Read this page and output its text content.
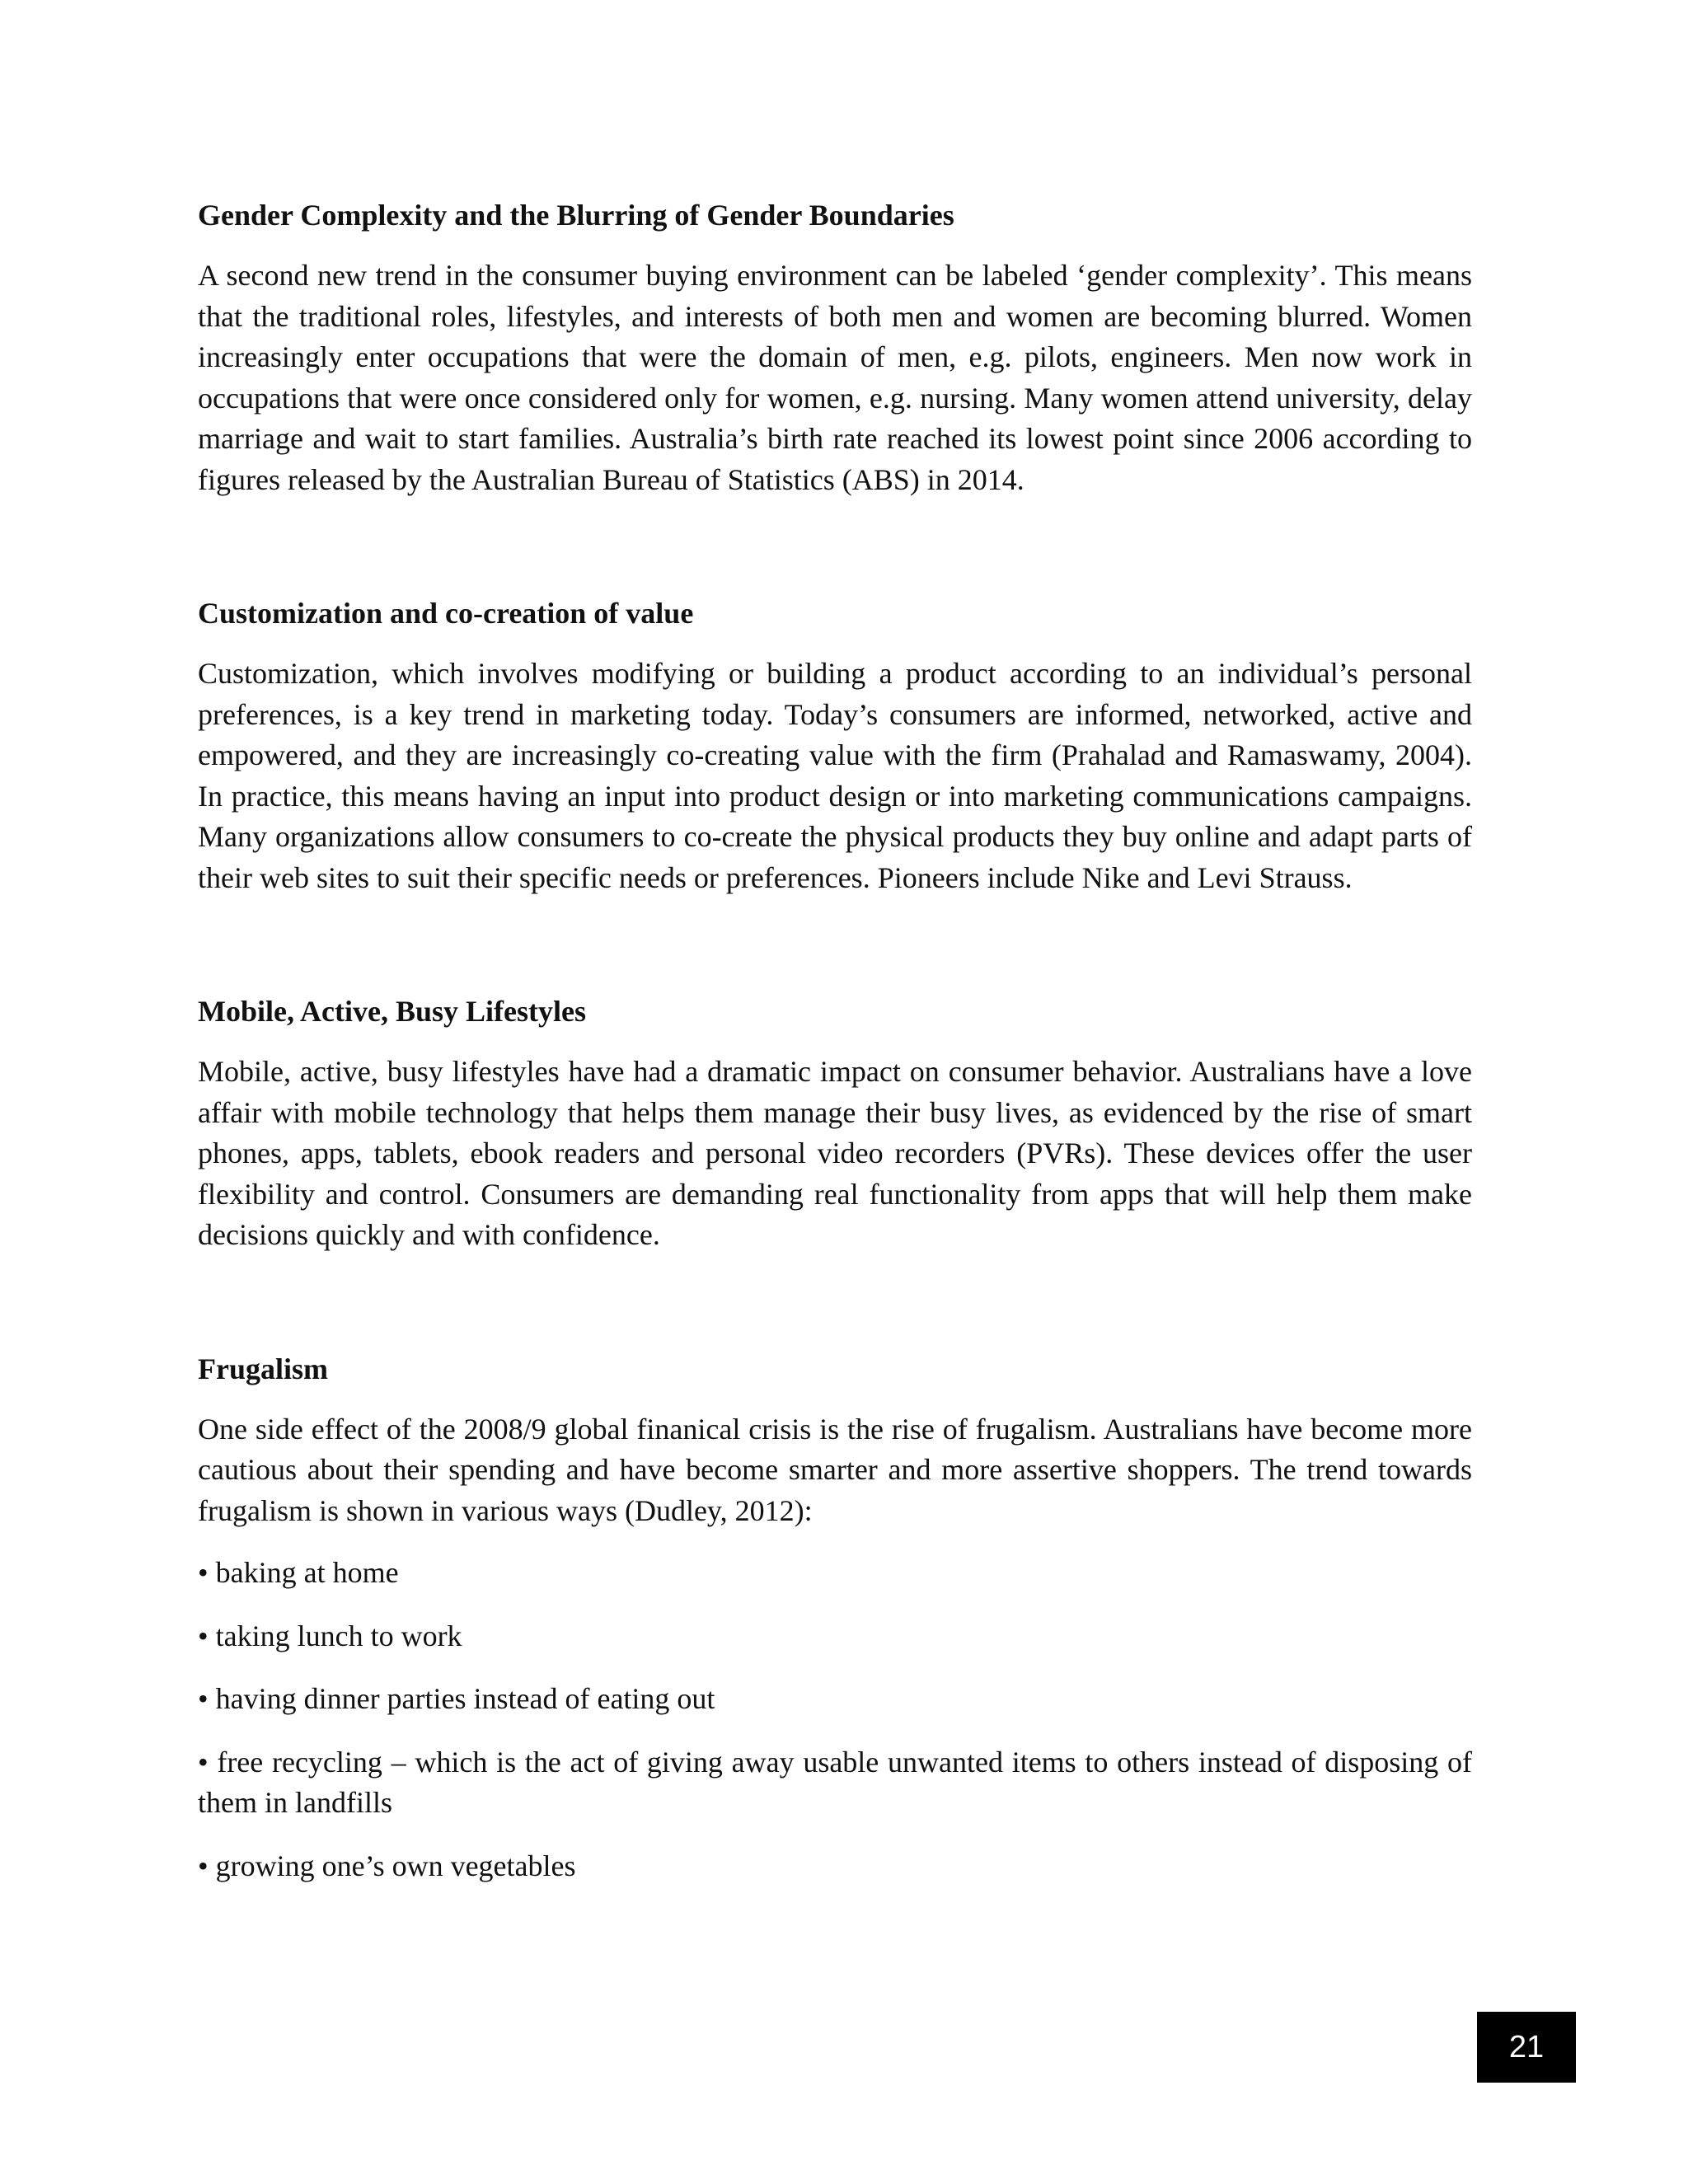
Gender Complexity and the Blurring of Gender Boundaries

A second new trend in the consumer buying environment can be labeled ‘gender complexity’. This means that the traditional roles, lifestyles, and interests of both men and women are becoming blurred. Women increasingly enter occupations that were the domain of men, e.g. pilots, engineers. Men now work in occupations that were once considered only for women, e.g. nursing. Many women attend university, delay marriage and wait to start families. Australia’s birth rate reached its lowest point since 2006 according to figures released by the Australian Bureau of Statistics (ABS) in 2014.

Customization and co-creation of value

Customization, which involves modifying or building a product according to an individual’s personal preferences, is a key trend in marketing today. Today’s consumers are informed, networked, active and empowered, and they are increasingly co-creating value with the firm (Prahalad and Ramaswamy, 2004). In practice, this means having an input into product design or into marketing communications campaigns. Many organizations allow consumers to co-create the physical products they buy online and adapt parts of their web sites to suit their specific needs or preferences. Pioneers include Nike and Levi Strauss.

Mobile, Active, Busy Lifestyles

Mobile, active, busy lifestyles have had a dramatic impact on consumer behavior. Australians have a love affair with mobile technology that helps them manage their busy lives, as evidenced by the rise of smart phones, apps, tablets, ebook readers and personal video recorders (PVRs). These devices offer the user flexibility and control. Consumers are demanding real functionality from apps that will help them make decisions quickly and with confidence.

Frugalism

One side effect of the 2008/9 global finanical crisis is the rise of frugalism. Australians have become more cautious about their spending and have become smarter and more assertive shoppers. The trend towards frugalism is shown in various ways (Dudley, 2012):

• baking at home
• taking lunch to work
• having dinner parties instead of eating out
• free recycling – which is the act of giving away usable unwanted items to others instead of disposing of them in landfills
• growing one’s own vegetables
21
